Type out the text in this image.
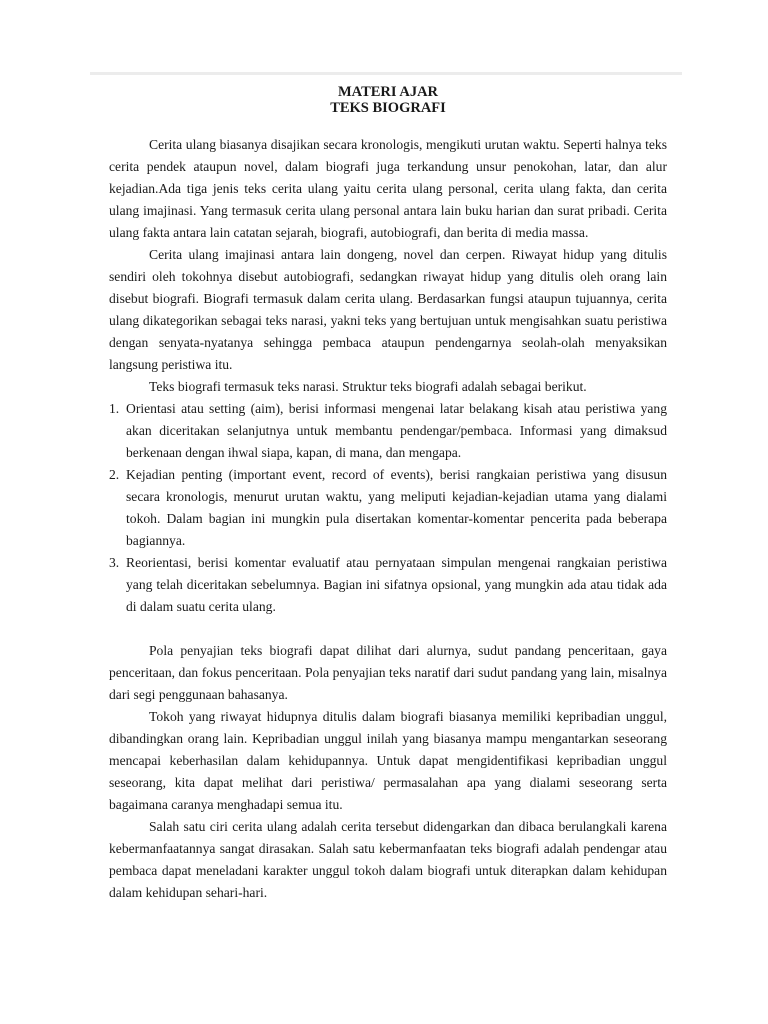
MATERI AJAR
TEKS BIOGRAFI

Cerita ulang biasanya disajikan secara kronologis, mengikuti urutan waktu. Seperti halnya teks cerita pendek ataupun novel, dalam biografi juga terkandung unsur penokohan, latar, dan alur kejadian.Ada tiga jenis teks cerita ulang yaitu cerita ulang personal, cerita ulang fakta, dan cerita ulang imajinasi. Yang termasuk cerita ulang personal antara lain buku harian dan surat pribadi. Cerita ulang fakta antara lain catatan sejarah, biografi, autobiografi, dan berita di media massa.

Cerita ulang imajinasi antara lain dongeng, novel dan cerpen. Riwayat hidup yang ditulis sendiri oleh tokohnya disebut autobiografi, sedangkan riwayat hidup yang ditulis oleh orang lain disebut biografi. Biografi termasuk dalam cerita ulang. Berdasarkan fungsi ataupun tujuannya, cerita ulang dikategorikan sebagai teks narasi, yakni teks yang bertujuan untuk mengisahkan suatu peristiwa dengan senyata-nyatanya sehingga pembaca ataupun pendengarnya seolah-olah menyaksikan langsung peristiwa itu.

Teks biografi termasuk teks narasi. Struktur teks biografi adalah sebagai berikut.

1. Orientasi atau setting (aim), berisi informasi mengenai latar belakang kisah atau peristiwa yang akan diceritakan selanjutnya untuk membantu pendengar/pembaca. Informasi yang dimaksud berkenaan dengan ihwal siapa, kapan, di mana, dan mengapa.
2. Kejadian penting (important event, record of events), berisi rangkaian peristiwa yang disusun secara kronologis, menurut urutan waktu, yang meliputi kejadian-kejadian utama yang dialami tokoh. Dalam bagian ini mungkin pula disertakan komentar-komentar pencerita pada beberapa bagiannya.
3. Reorientasi, berisi komentar evaluatif atau pernyataan simpulan mengenai rangkaian peristiwa yang telah diceritakan sebelumnya. Bagian ini sifatnya opsional, yang mungkin ada atau tidak ada di dalam suatu cerita ulang.

Pola penyajian teks biografi dapat dilihat dari alurnya, sudut pandang penceritaan, gaya penceritaan, dan fokus penceritaan. Pola penyajian teks naratif dari sudut pandang yang lain, misalnya dari segi penggunaan bahasanya.

Tokoh yang riwayat hidupnya ditulis dalam biografi biasanya memiliki kepribadian unggul, dibandingkan orang lain. Kepribadian unggul inilah yang biasanya mampu mengantarkan seseorang mencapai keberhasilan dalam kehidupannya. Untuk dapat mengidentifikasi kepribadian unggul seseorang, kita dapat melihat dari peristiwa/ permasalahan apa yang dialami seseorang serta bagaimana caranya menghadapi semua itu.

Salah satu ciri cerita ulang adalah cerita tersebut didengarkan dan dibaca berulangkali karena kebermanfaatannya sangat dirasakan. Salah satu kebermanfaatan teks biografi adalah pendengar atau pembaca dapat meneladani karakter unggul tokoh dalam biografi untuk diterapkan dalam kehidupan dalam kehidupan sehari-hari.
